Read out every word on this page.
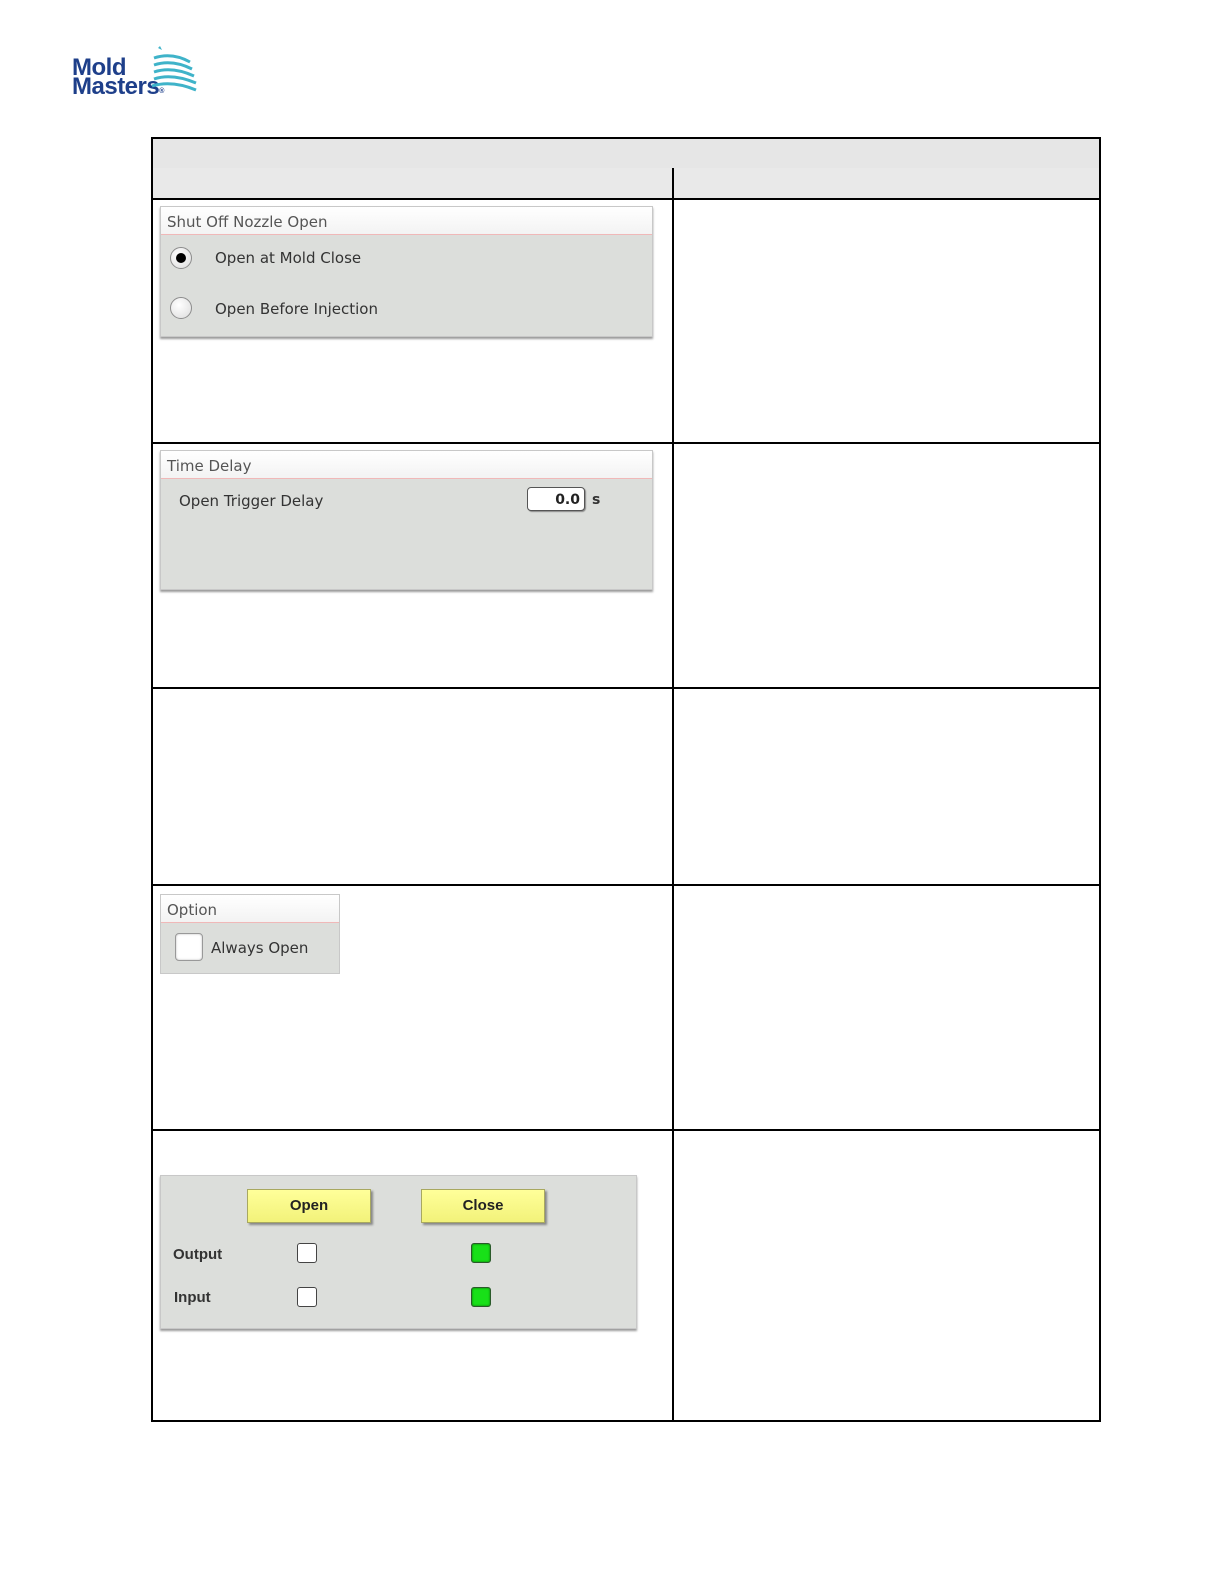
Mold
Masters®
Shut Off Nozzle Open
Open at Mold Close
Open Before Injection
Time Delay
Open Trigger Delay	0.0 s
Option
Always Open
Open	Close
Output
Input
